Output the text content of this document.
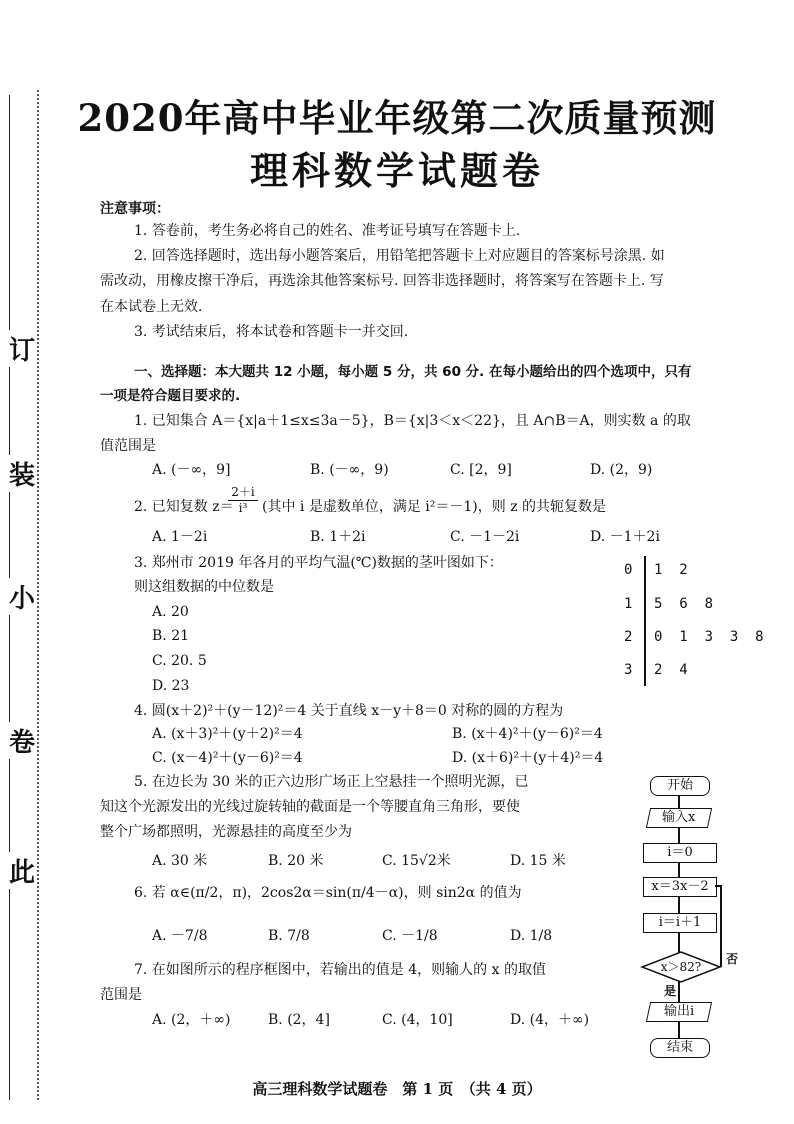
订
装
小
卷
此
2020年高中毕业年级第二次质量预测
理科数学试题卷
注意事项：
1. 答卷前，考生务必将自己的姓名、准考证号填写在答题卡上.
2. 回答选择题时，选出每小题答案后，用铅笔把答题卡上对应题目的答案标号涂黑. 如
需改动，用橡皮擦干净后，再选涂其他答案标号. 回答非选择题时，将答案写在答题卡上. 写
在本试卷上无效.
3. 考试结束后，将本试卷和答题卡一并交回.
一、选择题：本大题共 12 小题，每小题 5 分，共 60 分. 在每小题给出的四个选项中，只有
一项是符合题目要求的.
1. 已知集合 A＝{x|a＋1≤x≤3a－5}，B＝{x|3＜x＜22}，且 A∩B＝A，则实数 a 的取
值范围是
A. (－∞，9]	B. (－∞，9)	C. [2，9]	D. (2，9)
2. 已知复数 z＝
$\frac{2+i}{\text{i³}}$ (其中 i 是虚数单位，满足 i²＝－1)，则 z 的共轭复数是
A. 1－2i	B. 1＋2i	C. －1－2i	D. －1＋2i
3. 郑州市 2019 年各月的平均气温(℃)数据的茎叶图如下：
则这组数据的中位数是
A. 20
B. 21
C. 20. 5
D. 23
0 1  2
1 5  6  8
2 0  1  3  3  8
3 2  4
4. 圆(x＋2)²＋(y－12)²＝4 关于直线 x－y＋8＝0 对称的圆的方程为
A. (x＋3)²＋(y＋2)²＝4	B. (x＋4)²＋(y－6)²＝4
C. (x－4)²＋(y－6)²＝4	D. (x＋6)²＋(y＋4)²＝4
5. 在边长为 30 米的正六边形广场正上空悬挂一个照明光源，已
知这个光源发出的光线过旋转轴的截面是一个等腰直角三角形，要使
整个广场都照明，光源悬挂的高度至少为
A. 30 米	B. 20 米	C. 15√2米	D. 15 米
6. 若 α∈(π/2，π)，2cos2α＝sin(π/4－α)，则 sin2α 的值为
A. －7/8	B. 7/8	C. －1/8	D. 1/8
7. 在如图所示的程序框图中，若输出的值是 4，则输人的 x 的取值
范围是
A. (2，＋∞)	B. (2，4]	C. (4，10]	D. (4，＋∞)
开始
输入x
i＝0
x＝3x－2
i＝i＋1
x＞82?
否
是
输出i
结束
高三理科数学试题卷　第 1 页　（共 4 页）
